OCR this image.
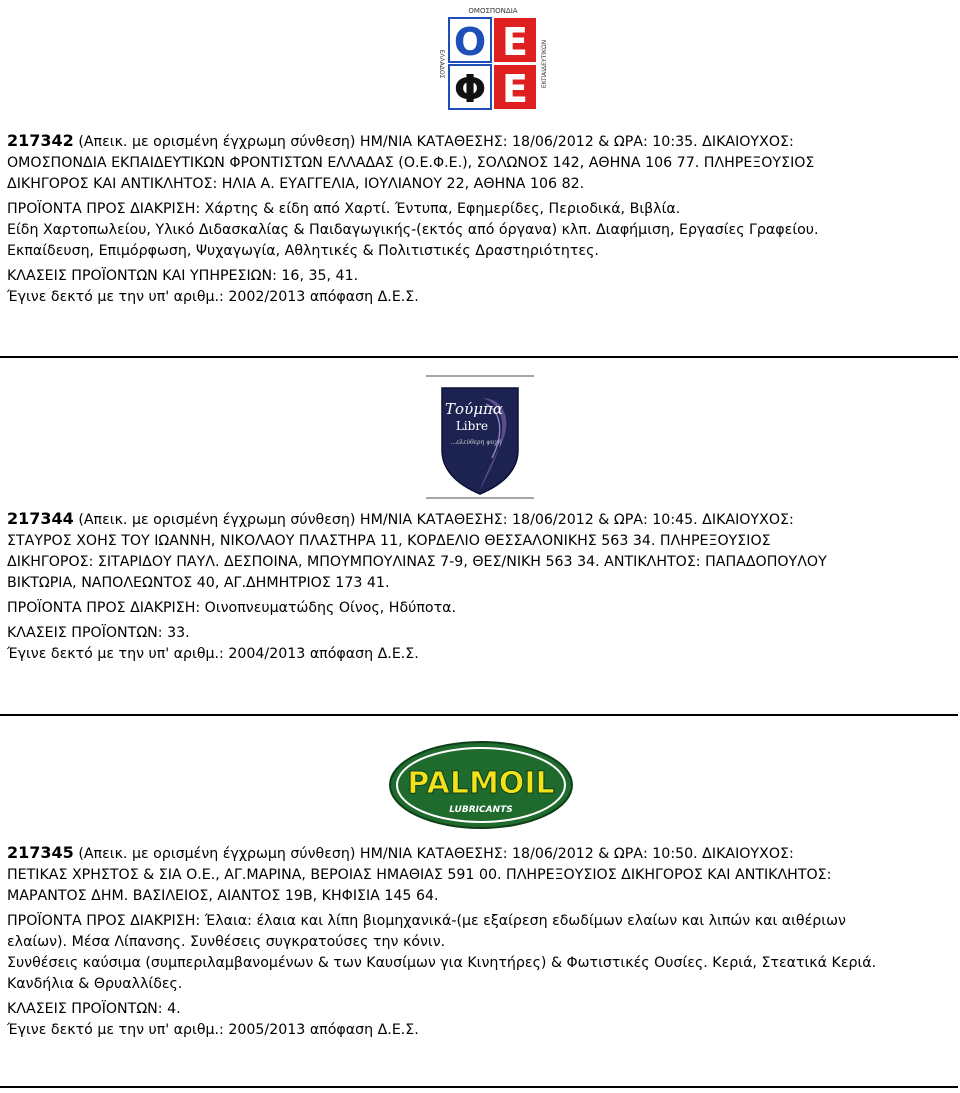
ΟΜΟΣΠΟΝΔΙΑ
ΕΛΛΑΔΟΣ	ΕΚΠΑΙΔΕΥΤΙΚΩΝ
Ο Ε
Φ Ε

217342 (Απεικ. με ορισμένη έγχρωμη σύνθεση) ΗΜ/ΝΙΑ ΚΑΤΑΘΕΣΗΣ: 18/06/2012 & ΩΡΑ: 10:35. ΔΙΚΑΙΟΥΧΟΣ:

ΟΜΟΣΠΟΝΔΙΑ ΕΚΠΑΙΔΕΥΤΙΚΩΝ ΦΡΟΝΤΙΣΤΩΝ ΕΛΛΑΔΑΣ (Ο.Ε.Φ.Ε.), ΣΟΛΩΝΟΣ 142, ΑΘΗΝΑ 106 77. ΠΛΗΡΕΞΟΥΣΙΟΣ

ΔΙΚΗΓΟΡΟΣ ΚΑΙ ΑΝΤΙΚΛΗΤΟΣ: ΗΛΙΑ Α. ΕΥΑΓΓΕΛΙΑ, ΙΟΥΛΙΑΝΟΥ 22, ΑΘΗΝΑ 106 82.

ΠΡΟΪΟΝΤΑ ΠΡΟΣ ΔΙΑΚΡΙΣΗ: Χάρτης & είδη από Χαρτί. Έντυπα, Εφημερίδες, Περιοδικά, Βιβλία.

Είδη Χαρτοπωλείου, Υλικό Διδασκαλίας & Παιδαγωγικής-(εκτός από όργανα) κλπ. Διαφήμιση, Εργασίες Γραφείου.

Εκπαίδευση, Επιμόρφωση, Ψυχαγωγία, Αθλητικές & Πολιτιστικές Δραστηριότητες.

ΚΛΑΣΕΙΣ ΠΡΟΪΟΝΤΩΝ ΚΑΙ ΥΠΗΡΕΣΙΩΝ: 16, 35, 41.

Έγινε δεκτό με την υπ' αριθμ.: 2002/2013 απόφαση Δ.Ε.Σ.

Τούμπα
Libre
...ελεύθερη ψυχή

217344 (Απεικ. με ορισμένη έγχρωμη σύνθεση) ΗΜ/ΝΙΑ ΚΑΤΑΘΕΣΗΣ: 18/06/2012 & ΩΡΑ: 10:45. ΔΙΚΑΙΟΥΧΟΣ:

ΣΤΑΥΡΟΣ ΧΟΗΣ ΤΟΥ ΙΩΑΝΝΗ, ΝΙΚΟΛΑΟΥ ΠΛΑΣΤΗΡΑ 11, ΚΟΡΔΕΛΙΟ ΘΕΣΣΑΛΟΝΙΚΗΣ 563 34. ΠΛΗΡΕΞΟΥΣΙΟΣ

ΔΙΚΗΓΟΡΟΣ: ΣΙΤΑΡΙΔΟΥ ΠΑΥΛ. ΔΕΣΠΟΙΝΑ, ΜΠΟΥΜΠΟΥΛΙΝΑΣ 7-9, ΘΕΣ/ΝΙΚΗ 563 34. ΑΝΤΙΚΛΗΤΟΣ: ΠΑΠΑΔΟΠΟΥΛΟΥ

ΒΙΚΤΩΡΙΑ, ΝΑΠΟΛΕΩΝΤΟΣ 40, ΑΓ.ΔΗΜΗΤΡΙΟΣ 173 41.

ΠΡΟΪΟΝΤΑ ΠΡΟΣ ΔΙΑΚΡΙΣΗ: Οινοπνευματώδης Οίνος, Ηδύποτα.

ΚΛΑΣΕΙΣ ΠΡΟΪΟΝΤΩΝ: 33.

Έγινε δεκτό με την υπ' αριθμ.: 2004/2013 απόφαση Δ.Ε.Σ.

PALMOIL
LUBRICANTS

217345 (Απεικ. με ορισμένη έγχρωμη σύνθεση) ΗΜ/ΝΙΑ ΚΑΤΑΘΕΣΗΣ: 18/06/2012 & ΩΡΑ: 10:50. ΔΙΚΑΙΟΥΧΟΣ:

ΠΕΤΙΚΑΣ ΧΡΗΣΤΟΣ & ΣΙΑ Ο.Ε., ΑΓ.ΜΑΡΙΝΑ, ΒΕΡΟΙΑΣ ΗΜΑΘΙΑΣ 591 00. ΠΛΗΡΕΞΟΥΣΙΟΣ ΔΙΚΗΓΟΡΟΣ ΚΑΙ ΑΝΤΙΚΛΗΤΟΣ:

ΜΑΡΑΝΤΟΣ ΔΗΜ. ΒΑΣΙΛΕΙΟΣ, ΑΙΑΝΤΟΣ 19Β, ΚΗΦΙΣΙΑ 145 64.

ΠΡΟΪΟΝΤΑ ΠΡΟΣ ΔΙΑΚΡΙΣΗ: Έλαια: έλαια και λίπη βιομηχανικά-(με εξαίρεση εδωδίμων ελαίων και λιπών και αιθέριων

ελαίων). Μέσα Λίπανσης. Συνθέσεις συγκρατούσες την κόνιν.

Συνθέσεις καύσιμα (συμπεριλαμβανομένων & των Καυσίμων για Κινητήρες) & Φωτιστικές Ουσίες. Κεριά, Στεατικά Κεριά.

Κανδήλια & Θρυαλλίδες.

ΚΛΑΣΕΙΣ ΠΡΟΪΟΝΤΩΝ: 4.

Έγινε δεκτό με την υπ' αριθμ.: 2005/2013 απόφαση Δ.Ε.Σ.
